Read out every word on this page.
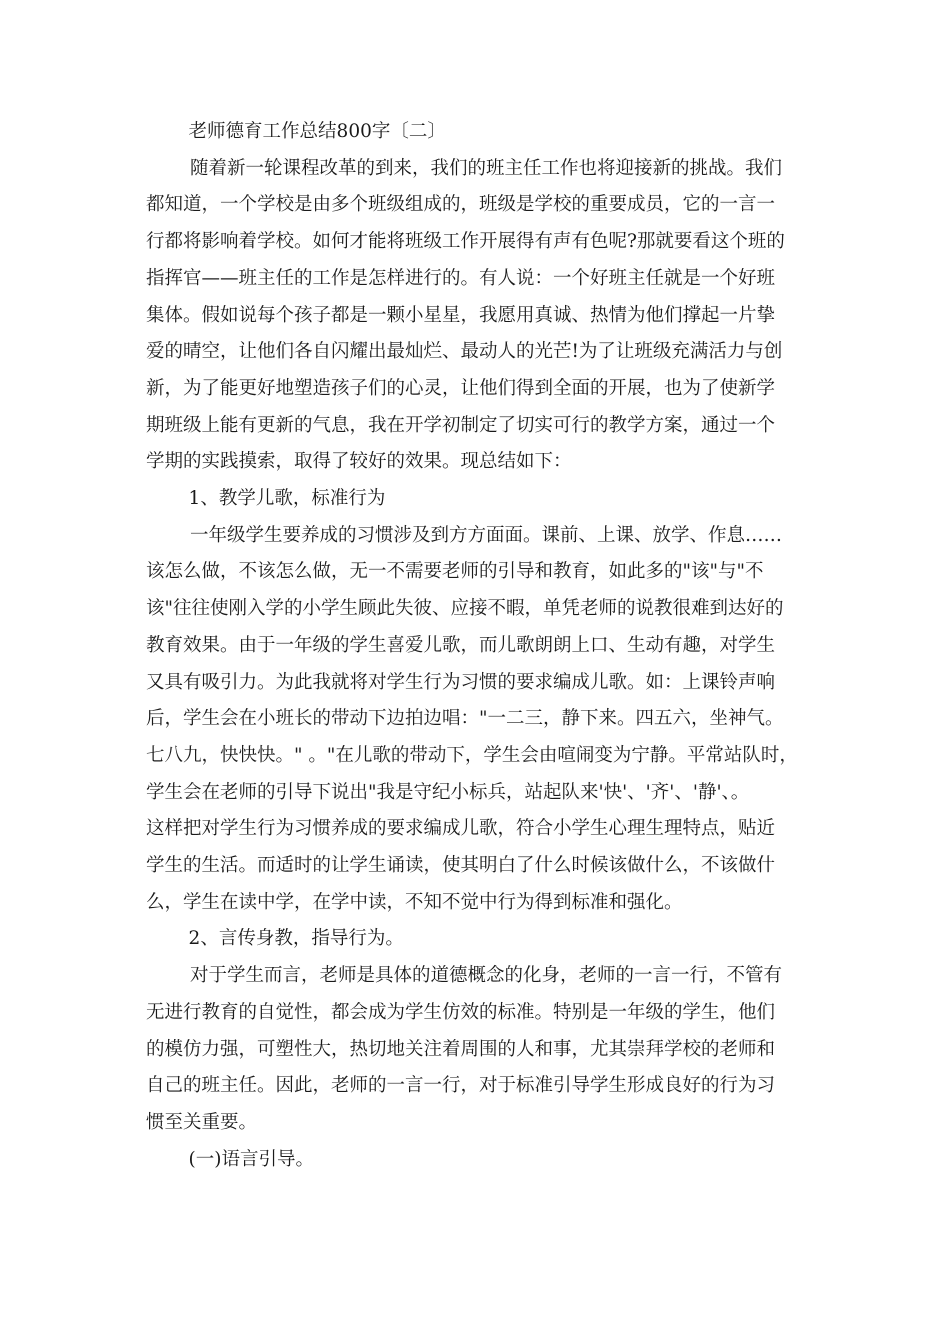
老师德育工作总结800字〔二〕

随着新一轮课程改革的到来，我们的班主任工作也将迎接新的挑战。我们
都知道，一个学校是由多个班级组成的，班级是学校的重要成员，它的一言一
行都将影响着学校。如何才能将班级工作开展得有声有色呢?那就要看这个班的
指挥官——班主任的工作是怎样进行的。有人说：一个好班主任就是一个好班
集体。假如说每个孩子都是一颗小星星，我愿用真诚、热情为他们撑起一片挚
爱的晴空，让他们各自闪耀出最灿烂、最动人的光芒!为了让班级充满活力与创
新，为了能更好地塑造孩子们的心灵，让他们得到全面的开展，也为了使新学
期班级上能有更新的气息，我在开学初制定了切实可行的教学方案，通过一个
学期的实践摸索，取得了较好的效果。现总结如下：

1、教学儿歌，标准行为

一年级学生要养成的习惯涉及到方方面面。课前、上课、放学、作息……
该怎么做，不该怎么做，无一不需要老师的引导和教育，如此多的"该"与"不
该"往往使刚入学的小学生顾此失彼、应接不暇，单凭老师的说教很难到达好的
教育效果。由于一年级的学生喜爱儿歌，而儿歌朗朗上口、生动有趣，对学生
又具有吸引力。为此我就将对学生行为习惯的要求编成儿歌。如：上课铃声响
后，学生会在小班长的带动下边拍边唱："一二三，静下来。四五六，坐神气。
七八九，快快快。" 。"在儿歌的带动下，学生会由喧闹变为宁静。平常站队时，
学生会在老师的引导下说出"我是守纪小标兵，站起队来'快'、'齐'、'静'、。
这样把对学生行为习惯养成的要求编成儿歌，符合小学生心理生理特点，贴近
学生的生活。而适时的让学生诵读，使其明白了什么时候该做什么，不该做什
么，学生在读中学，在学中读，不知不觉中行为得到标准和强化。

2、言传身教，指导行为。

对于学生而言，老师是具体的道德概念的化身，老师的一言一行，不管有
无进行教育的自觉性，都会成为学生仿效的标准。特别是一年级的学生，他们
的模仿力强，可塑性大，热切地关注着周围的人和事，尤其崇拜学校的老师和
自己的班主任。因此，老师的一言一行，对于标准引导学生形成良好的行为习
惯至关重要。

(一)语言引导。
